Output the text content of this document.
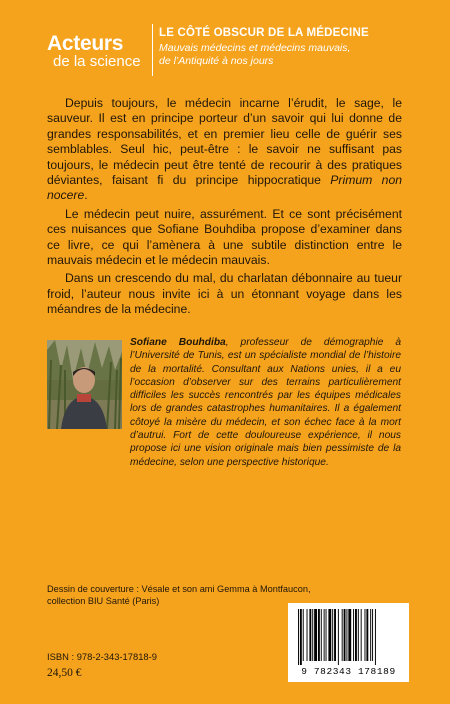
Acteurs
de la science
LE CÔTÉ OBSCUR DE LA MÉDECINE
Mauvais médecins et médecins mauvais,
de l’Antiquité à nos jours

Depuis toujours, le médecin incarne l’érudit, le sage, le sauveur. Il est en principe porteur d’un savoir qui lui donne de grandes responsabilités, et en premier lieu celle de guérir ses semblables. Seul hic, peut-être : le savoir ne suffisant pas toujours, le médecin peut être tenté de recourir à des pratiques déviantes, faisant fi du principe hippocratique Primum non nocere.

Le médecin peut nuire, assurément. Et ce sont précisément ces nuisances que Sofiane Bouhdiba propose d’examiner dans ce livre, ce qui l’amènera à une subtile distinction entre le mauvais médecin et le médecin mauvais.

Dans un crescendo du mal, du charlatan débonnaire au tueur froid, l’auteur nous invite ici à un étonnant voyage dans les méandres de la médecine.

Sofiane Bouhdiba, professeur de démographie à l’Université de Tunis, est un spécialiste mondial de l’histoire de la mortalité. Consultant aux Nations unies, il a eu l’occasion d’observer sur des terrains particulièrement difficiles les succès rencontrés par les équipes médicales lors de grandes catastrophes humanitaires. Il a également côtoyé la misère du médecin, et son échec face à la mort d’autrui. Fort de cette douloureuse expérience, il nous propose ici une vision originale mais bien pessimiste de la médecine, selon une perspective historique.
Dessin de couverture : Vésale et son ami Gemma à Montfaucon,
collection BIU Santé (Paris)
ISBN : 978-2-343-17818-9
24,50 €	9 782343 178189
